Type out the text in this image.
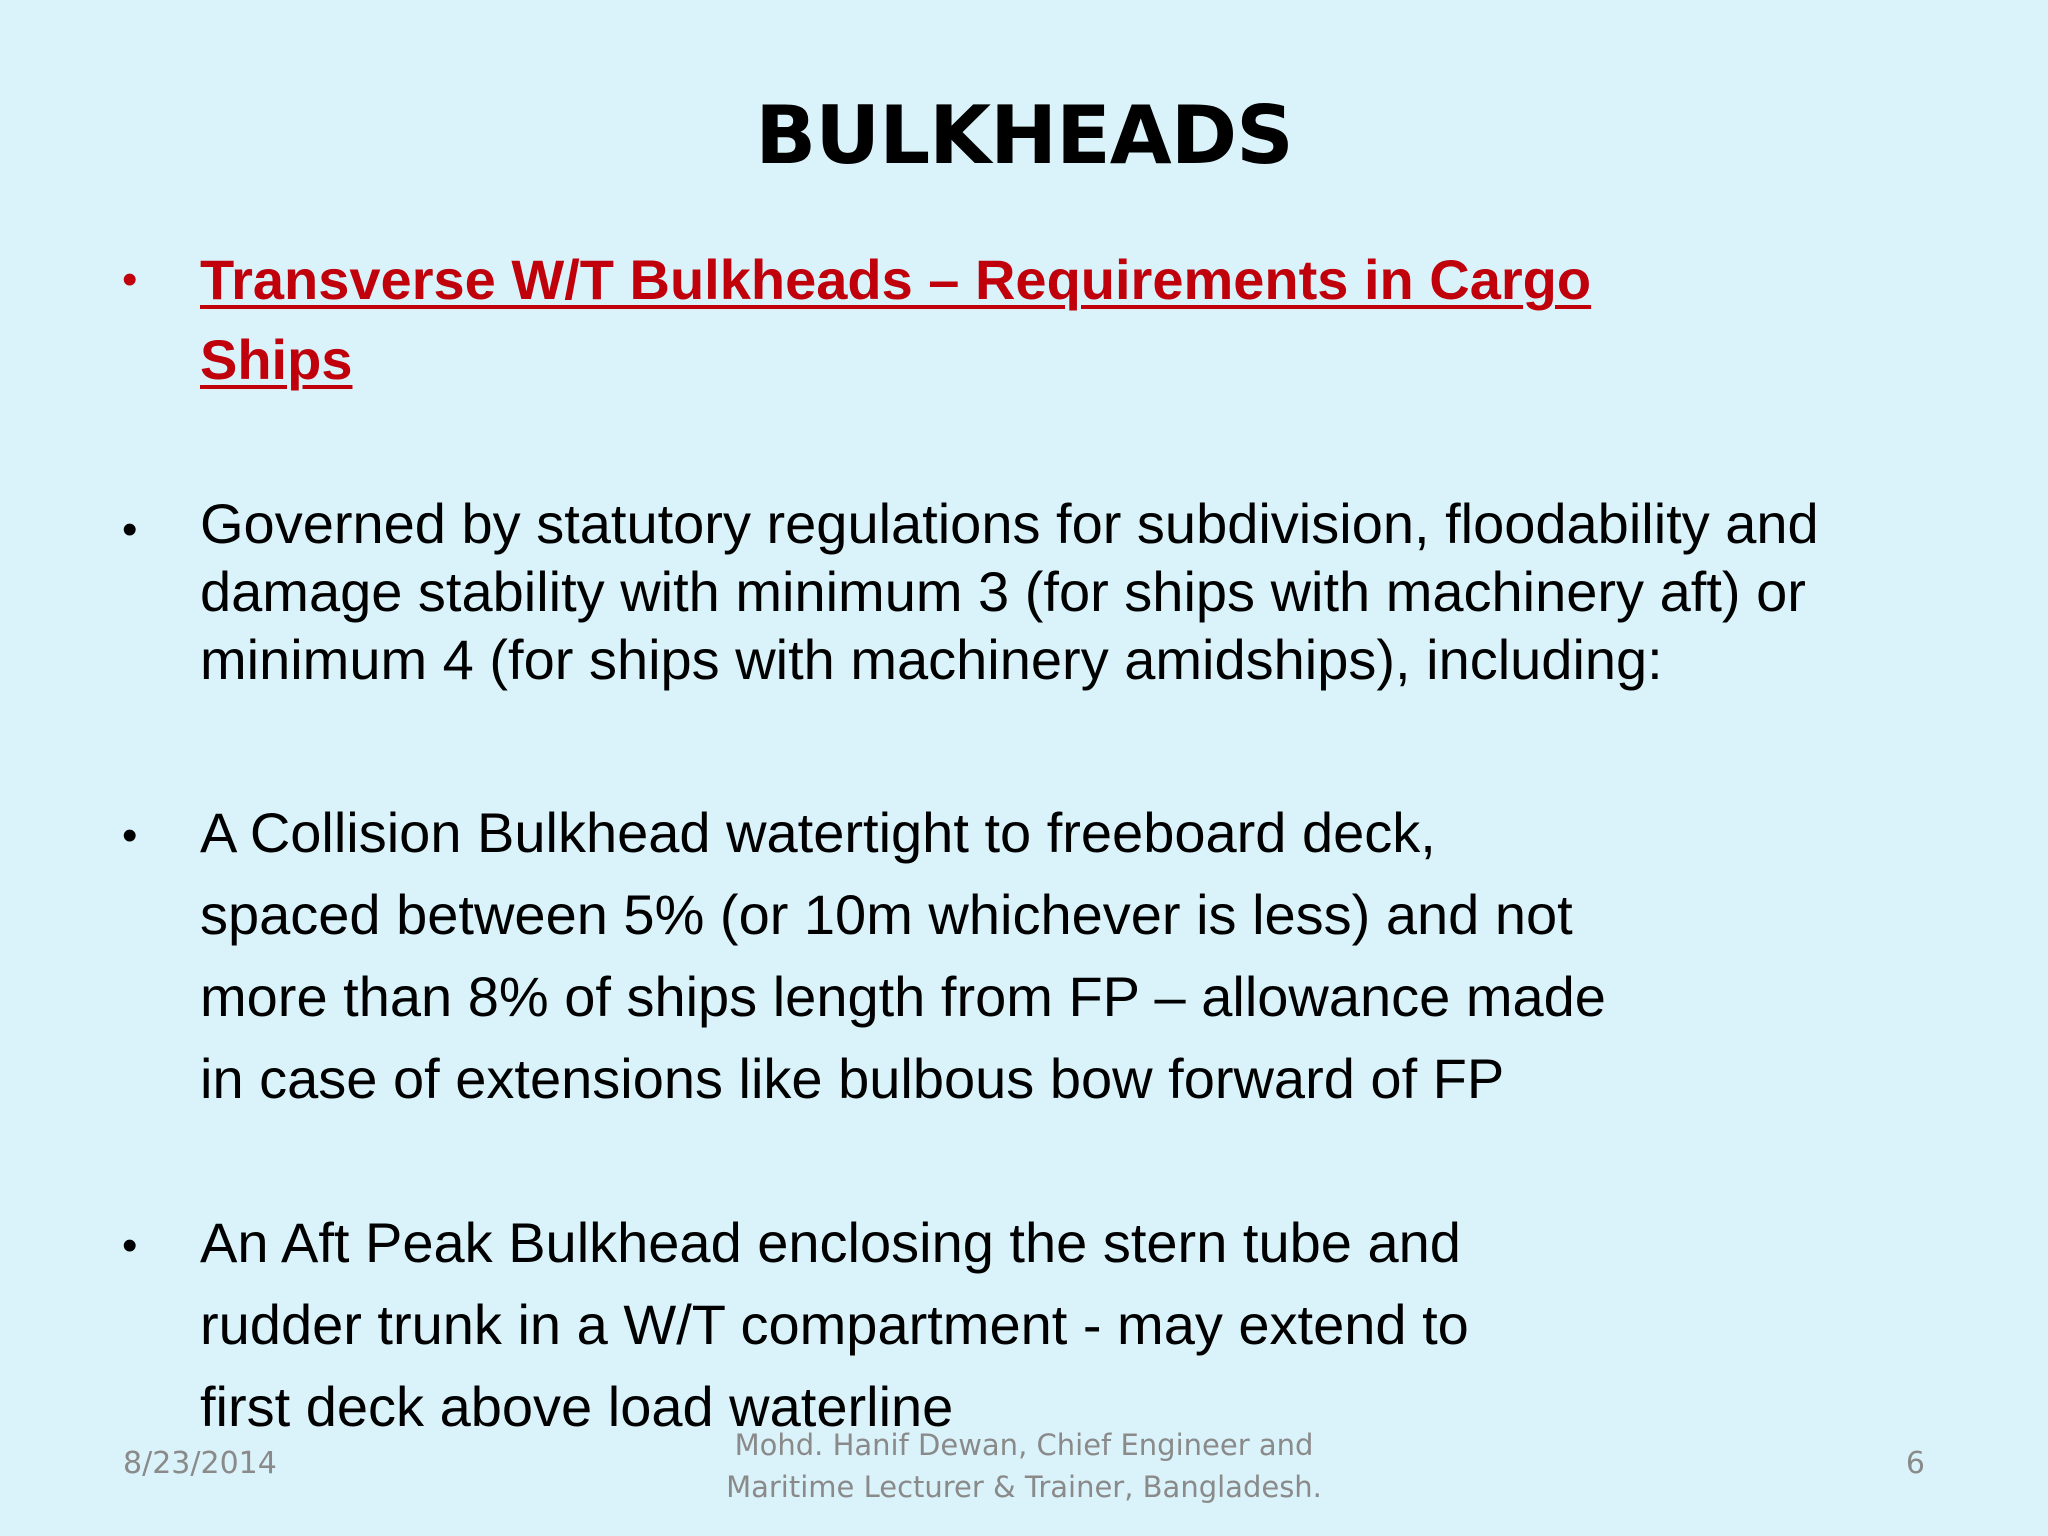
BULKHEADS
• Transverse W/T Bulkheads – Requirements in Cargo
Ships
• Governed by statutory regulations for subdivision, floodability and
damage stability with minimum 3 (for ships with machinery aft) or
minimum 4 (for ships with machinery amidships), including:
• A Collision Bulkhead watertight to freeboard deck,
spaced between 5% (or 10m whichever is less) and not
more than 8% of ships length from FP – allowance made
in case of extensions like bulbous bow forward of FP
• An Aft Peak Bulkhead enclosing the stern tube and
rudder trunk in a W/T compartment - may extend to
first deck above load waterline
8/23/2014
Mohd. Hanif Dewan, Chief Engineer and
Maritime Lecturer & Trainer, Bangladesh.
6
